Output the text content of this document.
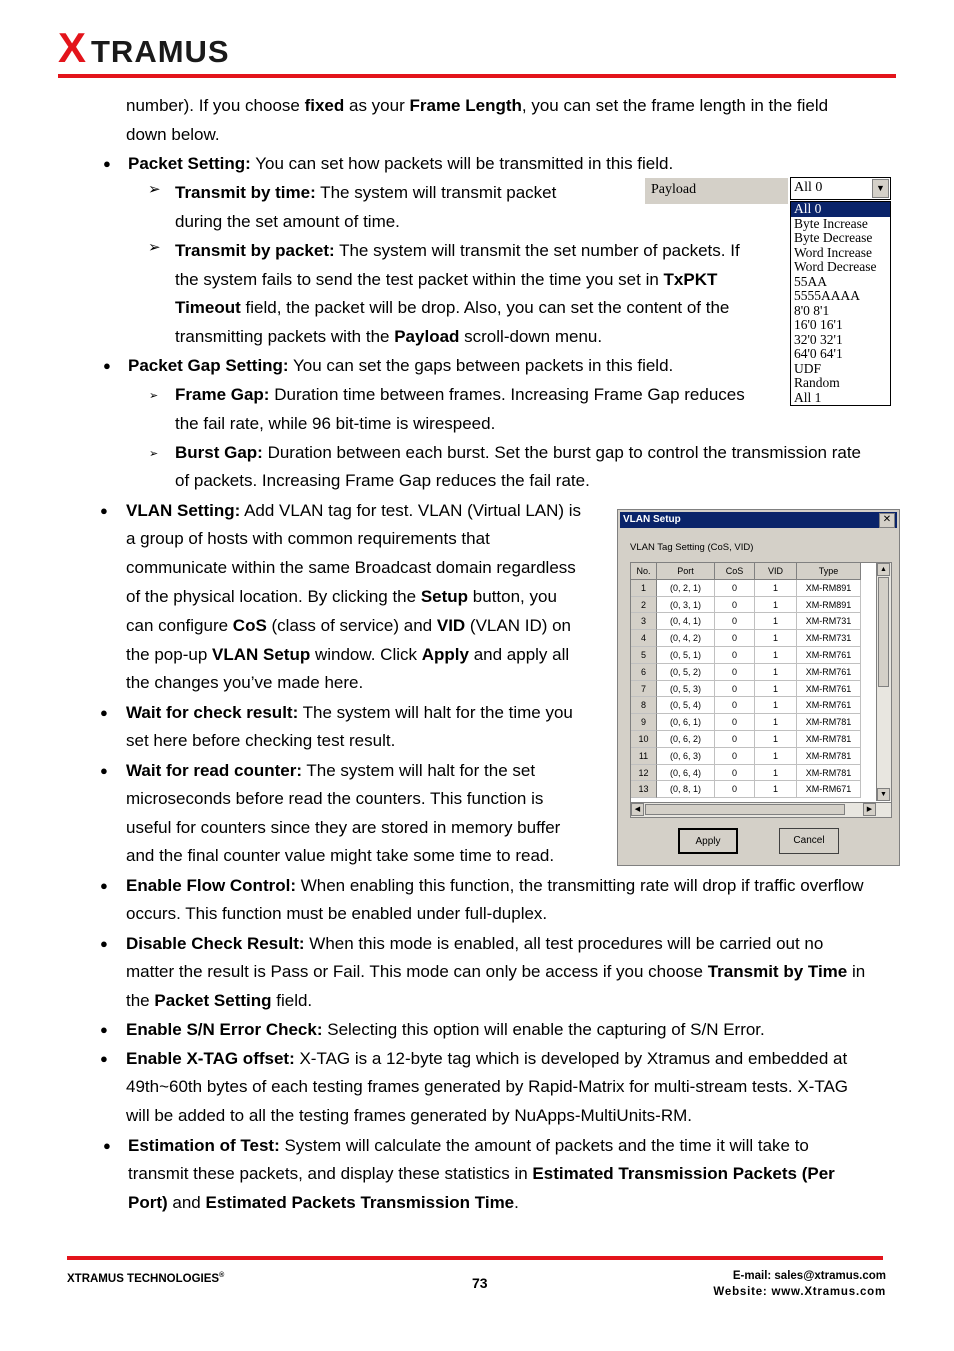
X TRAMUS
number). If you choose fixed as your Frame Length, you can set the frame length in the field
down below.
● Packet Setting: You can set how packets will be transmitted in this field.
➢ Transmit by time: The system will transmit packet
during the set amount of time.
➢ Transmit by packet: The system will transmit the set number of packets. If
the system fails to send the test packet within the time you set in TxPKT
Timeout field, the packet will be drop. Also, you can set the content of the
transmitting packets with the Payload scroll-down menu.
Payload	All 0	▼
All 0
Byte Increase
Byte Decrease
Word Increase
Word Decrease
55AA
5555AAAA
8'0 8'1
16'0 16'1
32'0 32'1
64'0 64'1
UDF
Random
All 1
● Packet Gap Setting: You can set the gaps between packets in this field.
➢ Frame Gap: Duration time between frames. Increasing Frame Gap reduces
the fail rate, while 96 bit-time is wirespeed.
➢ Burst Gap: Duration between each burst. Set the burst gap to control the transmission rate
of packets. Increasing Frame Gap reduces the fail rate.
● VLAN Setting: Add VLAN tag for test. VLAN (Virtual LAN) is
a group of hosts with common requirements that
communicate within the same Broadcast domain regardless
of the physical location. By clicking the Setup button, you
can configure CoS (class of service) and VID (VLAN ID) on
the pop-up VLAN Setup window. Click Apply and apply all
the changes you’ve made here.
VLAN Setup	✕
VLAN Tag Setting (CoS, VID)
No.	Port	CoS	VID	Type
1	(0, 2, 1)	0	1	XM-RM891
2	(0, 3, 1)	0	1	XM-RM891
3	(0, 4, 1)	0	1	XM-RM731
4	(0, 4, 2)	0	1	XM-RM731
5	(0, 5, 1)	0	1	XM-RM761
6	(0, 5, 2)	0	1	XM-RM761
7	(0, 5, 3)	0	1	XM-RM761
8	(0, 5, 4)	0	1	XM-RM761
9	(0, 6, 1)	0	1	XM-RM781
10	(0, 6, 2)	0	1	XM-RM781
11	(0, 6, 3)	0	1	XM-RM781
12	(0, 6, 4)	0	1	XM-RM781
13	(0, 8, 1)	0	1	XM-RM671
▲
▼
◀	▶
Apply	Cancel
● Wait for check result: The system will halt for the time you
set here before checking test result.
● Wait for read counter: The system will halt for the set
microseconds before read the counters. This function is
useful for counters since they are stored in memory buffer
and the final counter value might take some time to read.
● Enable Flow Control: When enabling this function, the transmitting rate will drop if traffic overflow
occurs. This function must be enabled under full-duplex.
● Disable Check Result: When this mode is enabled, all test procedures will be carried out no
matter the result is Pass or Fail. This mode can only be access if you choose Transmit by Time in
the Packet Setting field.
● Enable S/N Error Check: Selecting this option will enable the capturing of S/N Error.
● Enable X-TAG offset: X-TAG is a 12-byte tag which is developed by Xtramus and embedded at
49th~60th bytes of each testing frames generated by Rapid-Matrix for multi-stream tests. X-TAG
will be added to all the testing frames generated by NuApps-MultiUnits-RM.
● Estimation of Test: System will calculate the amount of packets and the time it will take to
transmit these packets, and display these statistics in Estimated Transmission Packets (Per
Port) and Estimated Packets Transmission Time.
XTRAMUS TECHNOLOGIES®	73	E-mail: sales@xtramus.com
Website: www.Xtramus.com
